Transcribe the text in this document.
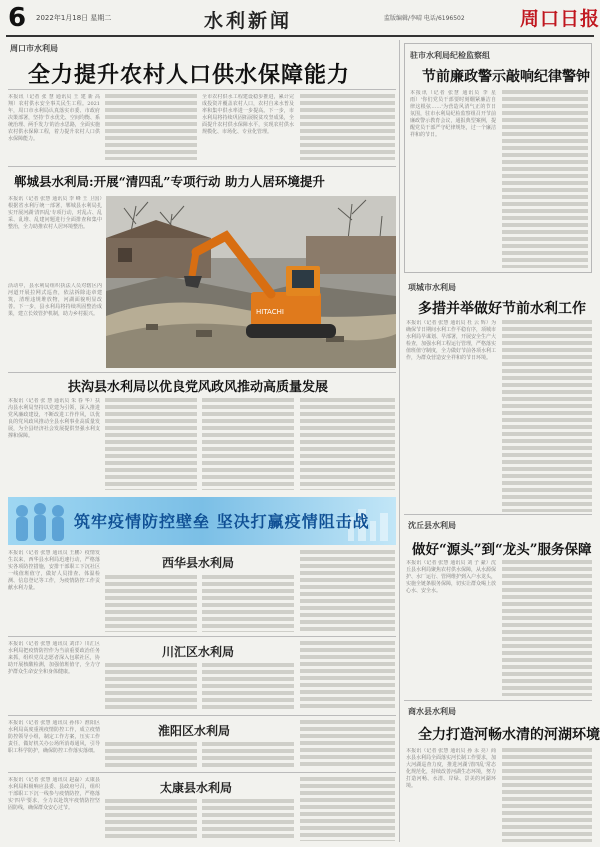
6 2022年1月18日 星期二	水利新闻	监版编辑/李晴 电话/6196502	周口日报
周口市水利局
全力提升农村人口供水保障能力
本报讯（记者 张 慧 通讯员 王 建 新 高 翔）农村供水安全事关民生工程。2021年，周口市水利局认真落实市委、市政府决策部署，坚持'节水优先、空间均衡、系统治理、两手发力'的治水思路，全面实施农村供水保障工程，着力提升农村人口供水保障能力。
全市农村供水工程建设稳步推进，累计完成投资并覆盖农村人口，农村自来水普及率和集中供水率进一步提高。下一步，市水利局将持续巩固拓展脱贫攻坚成果，全面提升农村供水保障水平，实现农村供水规模化、市场化、专业化管理。
郸城县水利局:开展“清四乱”专项行动 助力人居环境提升
本报讯（记者 张慧 通讯员 李 峰 王 卫国）根据省水利厅统一部署，郸城县水利局扎实开展河湖'清四乱'专项行动，对乱占、乱采、乱堆、乱建问题进行全面排查和集中整治，全力助推农村人居环境整治。
活动中，县水利局组织执法人员对辖区内河道开展拉网式巡查，依法拆除违章建筑，清理违规堆放物，河湖面貌明显改善。下一步，县水利局将持续巩固整治成果，建立长效管护机制，助力乡村振兴。	HITACHI
扶沟县水利局以优良党风政风推动高质量发展
本报讯（记者 张 慧 通讯员 朱 春 华）扶沟县水利局坚持以党建为引领，深入推进党风廉政建设，不断改进工作作风，以优良的党风政风推动全县水利事业高质量发展，为全县经济社会发展提供坚强水利支撑和保障。
筑牢疫情防控壁垒 坚决打赢疫情阻击战
本报讯（记者 张慧 通讯员 王鹏）疫情发生以来，西华县水利局迅速行动，严格落实各项防控措施，安排干部职工下沉社区一线值班值守，做好人员排查、体温检测、信息登记等工作，为疫情防控工作贡献水利力量。
西华县水利局
本报讯（记者 张慧 通讯员 刘洋）川汇区水利局把疫情防控作为当前重要政治任务来抓，组织党员志愿者深入包联社区，协助开展核酸检测，加强值班值守，全力守护群众生命安全和身体健康。
川汇区水利局
本报讯（记者 张慧 通讯员 孙伟）淮阳区水利局高度重视疫情防控工作，成立疫情防控领导小组，制定工作方案，压实工作责任，做好机关办公场所消毒通风，引导职工科学防护，确保防控工作落实落细。
淮阳区水利局
本报讯（记者 张慧 通讯员 赵磊）太康县水利局积极响应县委、县政府号召，组织干部职工下沉一线参与疫情防控，严格落实'四早'要求，全力以赴筑牢疫情防控坚固防线，确保群众安心过节。
太康县水利局
驻市水利局纪检监察组
节前廉政警示敲响纪律警钟
本报讯（记者 张慧 通讯员 李 星 雨）'你们党员干部要时刻绷紧廉洁自律这根弦……'为营造风清气正的节日氛围，驻市水利局纪检监察组召开节前廉政警示教育会议，通报典型案例，提醒党员干部严守纪律规矩，过一个廉洁祥和的节日。
项城市水利局
多措并举做好节前水利工作
本报讯（记者 张慧 通讯员 杜 云 辉）为确保节日期间水利工作平稳有序，项城市水利局早谋划、早部署，开展安全生产大检查，加强水利工程运行管理，严格落实值班值守制度，全力做好节前各项水利工作，为群众营造安全祥和的节日环境。
沈丘县水利局
做好“源头”到“龙头”服务保障
本报讯（记者 张慧 通讯员 刘 子 豪）沈丘县水利局聚焦农村供水保障，从水源保护、水厂运行、管网维护到入户水龙头，实施全链条服务保障，切实让群众喝上放心水、安全水。
商水县水利局
全力打造河畅水清的河湖环境
本报讯（记者 张慧 通讯员 孙 永 亮）商水县水利局全面落实河长制工作要求，加大河湖巡查力度，推进河湖'清四乱'常态化规范化，持续改善河湖生态环境，努力打造河畅、水清、岸绿、景美的河湖环境。
